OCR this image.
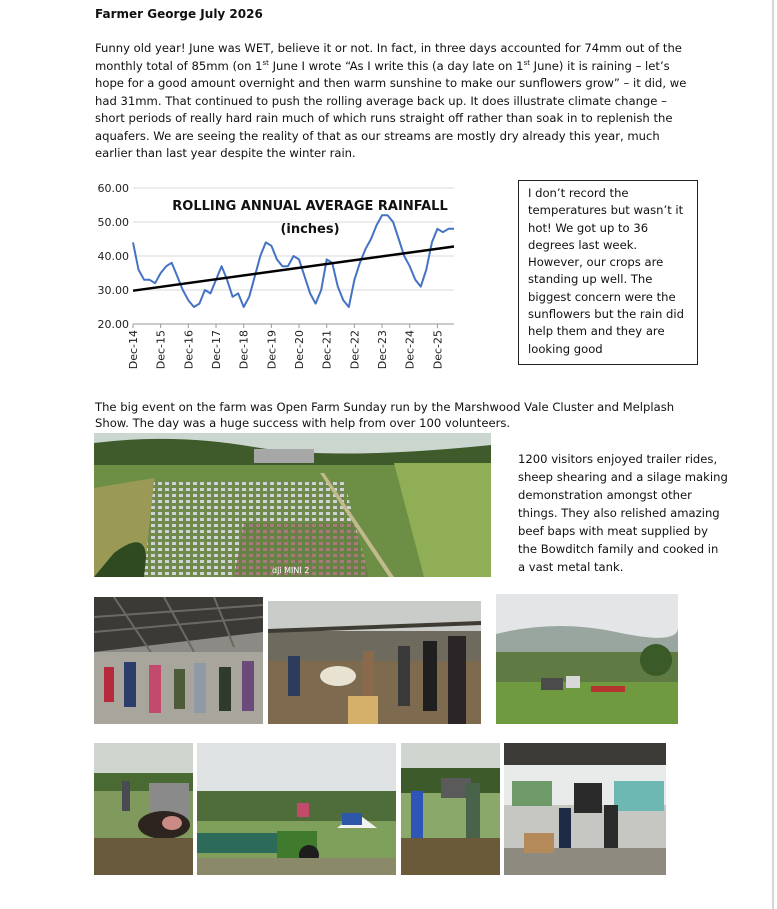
Farmer George July 2026

Funny old year! June was WET, believe it or not. In fact, in three days accounted for 74mm out of the monthly total of 85mm (on 1st June I wrote “As I write this (a day late on 1st June) it is raining – let’s hope for a good amount overnight and then warm sunshine to make our sunflowers grow” – it did, we had 31mm. That continued to push the rolling average back up. It does illustrate climate change – short periods of really hard rain much of which runs straight off rather than soak in to replenish the aquafers. We are seeing the reality of that as our streams are mostly dry already this year, much earlier than last year despite the winter rain.

20.00
30.00
40.00
50.00
60.00
Dec-14 Dec-15 Dec-16 Dec-17 Dec-18 Dec-19 Dec-20 Dec-21 Dec-22 Dec-23 Dec-24 Dec-25
ROLLING ANNUAL AVERAGE RAINFALL
(inches)
I don’t record the temperatures but wasn’t it hot! We got up to 36 degrees last week. However, our crops are standing up well. The biggest concern were the sunflowers but the rain did help them and they are looking good

The big event on the farm was Open Farm Sunday run by the Marshwood Vale Cluster and Melplash Show. The day was a huge success with help from over 100 volunteers.

1200 visitors enjoyed trailer rides, sheep shearing and a silage making demonstration amongst other things. They also relished amazing beef baps with meat supplied by the Bowditch family and cooked in a vast metal tank.

dji MINI 2
